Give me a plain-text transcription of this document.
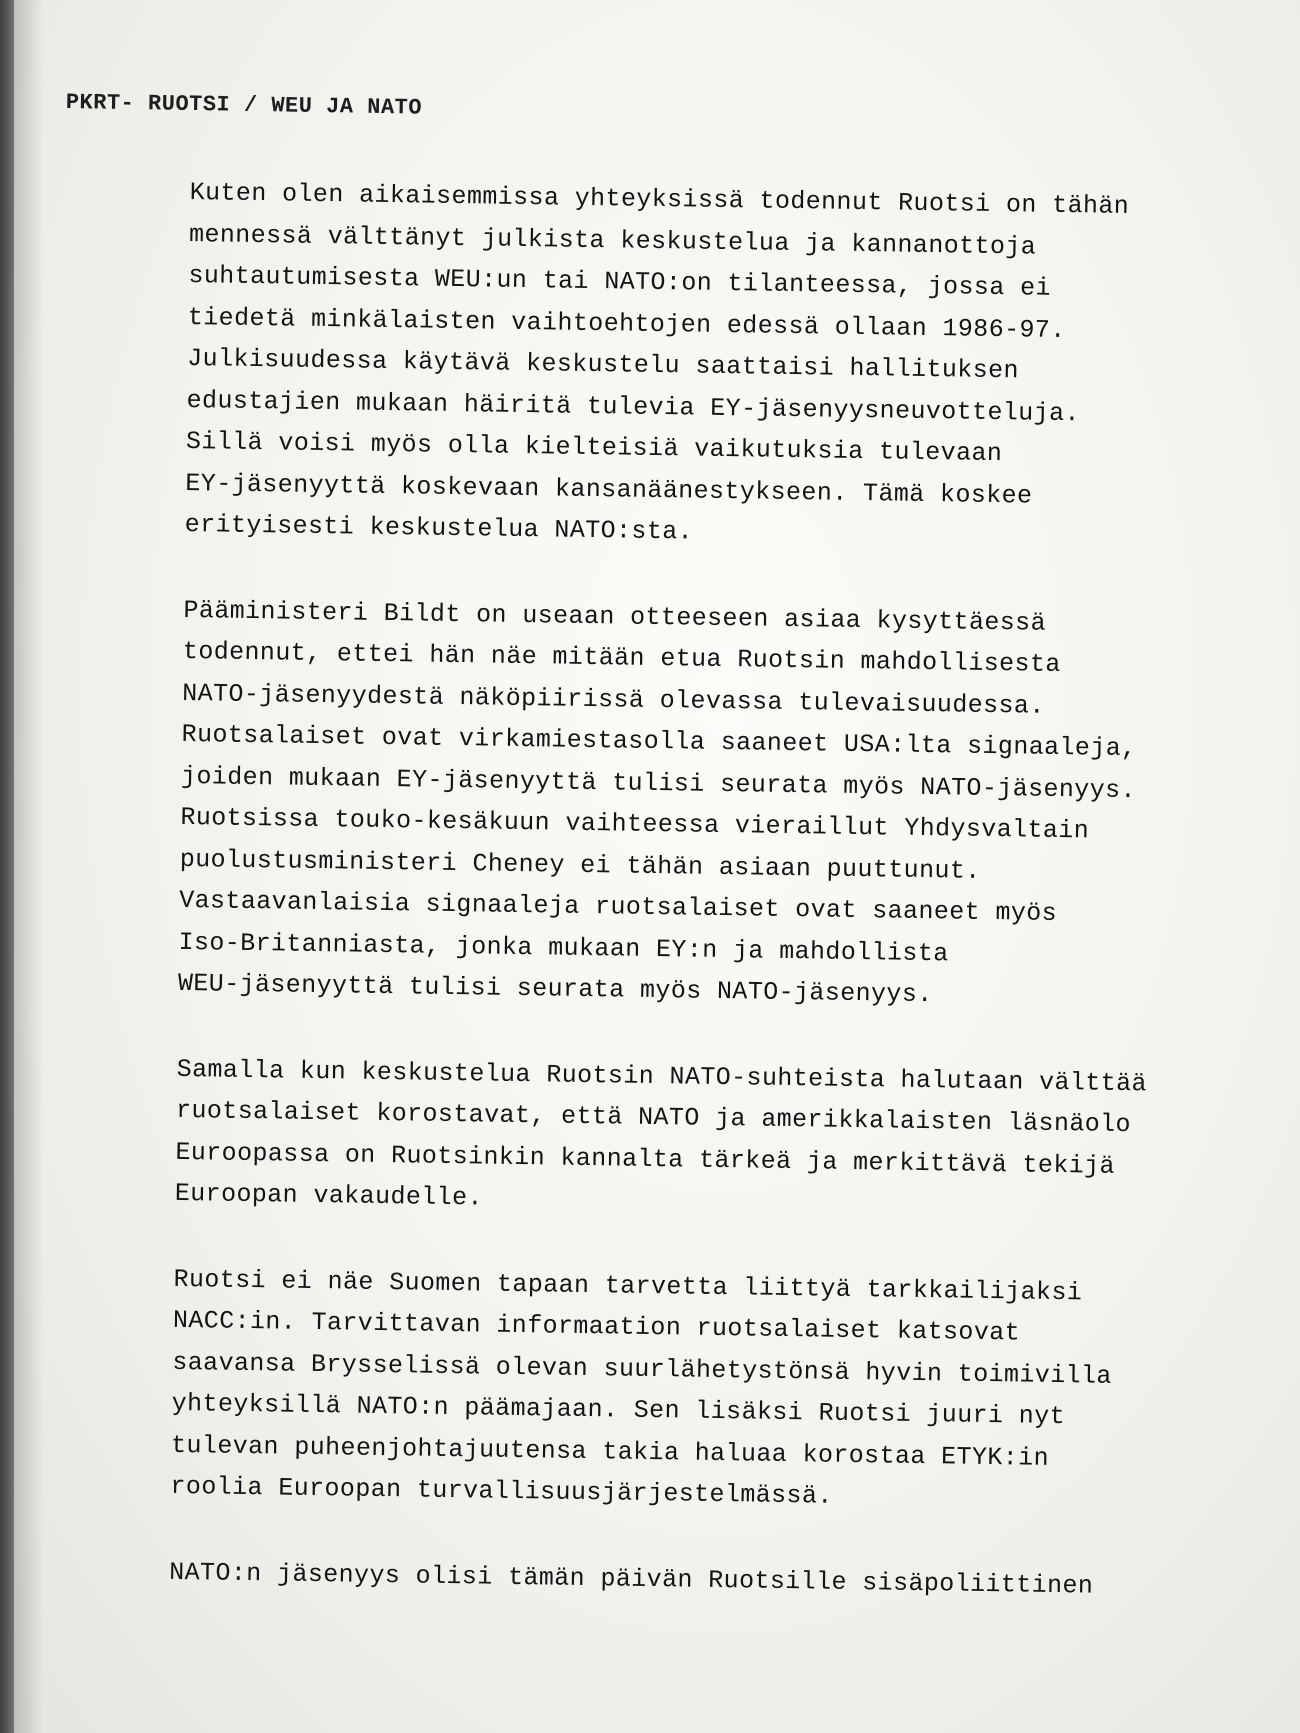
PKRT- RUOTSI / WEU JA NATO
Kuten olen aikaisemmissa yhteyksissä todennut Ruotsi on tähän
mennessä välttänyt julkista keskustelua ja kannanottoja
suhtautumisesta WEU:un tai NATO:on tilanteessa, jossa ei
tiedetä minkälaisten vaihtoehtojen edessä ollaan 1986-97.
Julkisuudessa käytävä keskustelu saattaisi hallituksen
edustajien mukaan häiritä tulevia EY-jäsenyysneuvotteluja.
Sillä voisi myös olla kielteisiä vaikutuksia tulevaan
EY-jäsenyyttä koskevaan kansanäänestykseen. Tämä koskee
erityisesti keskustelua NATO:sta.
Pääministeri Bildt on useaan otteeseen asiaa kysyttäessä
todennut, ettei hän näe mitään etua Ruotsin mahdollisesta
NATO-jäsenyydestä näköpiirissä olevassa tulevaisuudessa.
Ruotsalaiset ovat virkamiestasolla saaneet USA:lta signaaleja,
joiden mukaan EY-jäsenyyttä tulisi seurata myös NATO-jäsenyys.
Ruotsissa touko-kesäkuun vaihteessa vieraillut Yhdysvaltain
puolustusministeri Cheney ei tähän asiaan puuttunut.
Vastaavanlaisia signaaleja ruotsalaiset ovat saaneet myös
Iso-Britanniasta, jonka mukaan EY:n ja mahdollista
WEU-jäsenyyttä tulisi seurata myös NATO-jäsenyys.
Samalla kun keskustelua Ruotsin NATO-suhteista halutaan välttää
ruotsalaiset korostavat, että NATO ja amerikkalaisten läsnäolo
Euroopassa on Ruotsinkin kannalta tärkeä ja merkittävä tekijä
Euroopan vakaudelle.
Ruotsi ei näe Suomen tapaan tarvetta liittyä tarkkailijaksi
NACC:in. Tarvittavan informaation ruotsalaiset katsovat
saavansa Brysselissä olevan suurlähetystönsä hyvin toimivilla
yhteyksillä NATO:n päämajaan. Sen lisäksi Ruotsi juuri nyt
tulevan puheenjohtajuutensa takia haluaa korostaa ETYK:in
roolia Euroopan turvallisuusjärjestelmässä.
NATO:n jäsenyys olisi tämän päivän Ruotsille sisäpoliittinen
